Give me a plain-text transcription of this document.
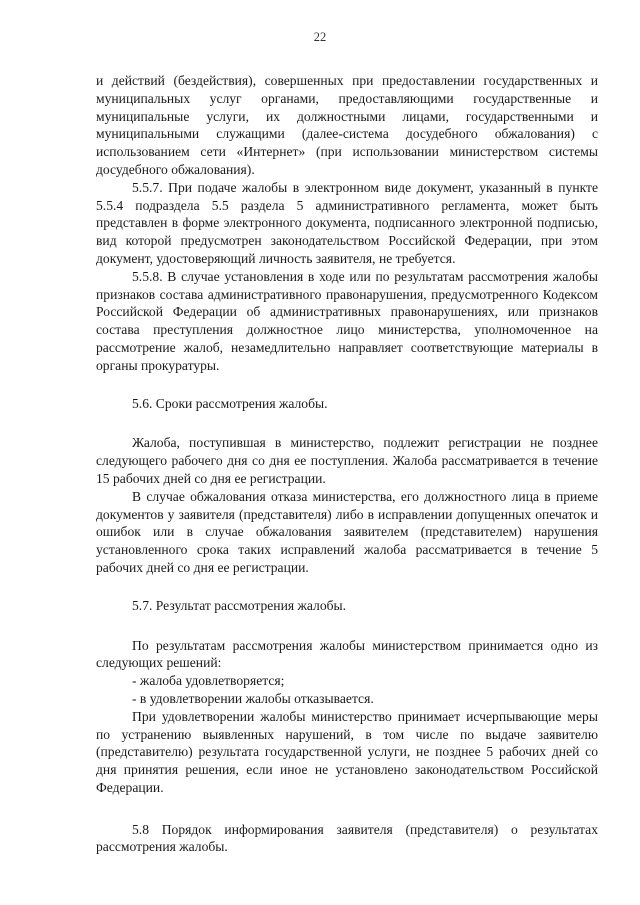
22

и действий (бездействия), совершенных при предоставлении государственных и муниципальных услуг органами, предоставляющими государственные и муниципальные услуги, их должностными лицами, государственными и муниципальными служащими (далее-система досудебного обжалования) с использованием сети «Интернет» (при использовании министерством системы досудебного обжалования).

5.5.7. При подаче жалобы в электронном виде документ, указанный в пункте 5.5.4 подраздела 5.5 раздела 5 административного регламента, может быть представлен в форме электронного документа, подписанного электронной подписью, вид которой предусмотрен законодательством Российской Федерации, при этом документ, удостоверяющий личность заявителя, не требуется.

5.5.8. В случае установления в ходе или по результатам рассмотрения жалобы признаков состава административного правонарушения, предусмотренного Кодексом Российской Федерации об административных правонарушениях, или признаков состава преступления должностное лицо министерства, уполномоченное на рассмотрение жалоб, незамедлительно направляет соответствующие материалы в органы прокуратуры.

5.6. Сроки рассмотрения жалобы.

Жалоба, поступившая в министерство, подлежит регистрации не позднее следующего рабочего дня со дня ее поступления. Жалоба рассматривается в течение 15 рабочих дней со дня ее регистрации.

В случае обжалования отказа министерства, его должностного лица в приеме документов у заявителя (представителя) либо в исправлении допущенных опечаток и ошибок или в случае обжалования заявителем (представителем) нарушения установленного срока таких исправлений жалоба рассматривается в течение 5 рабочих дней со дня ее регистрации.

5.7. Результат рассмотрения жалобы.

По результатам рассмотрения жалобы министерством принимается одно из следующих решений:

- жалоба удовлетворяется;

- в удовлетворении жалобы отказывается.

При удовлетворении жалобы министерство принимает исчерпывающие меры по устранению выявленных нарушений, в том числе по выдаче заявителю (представителю) результата государственной услуги, не позднее 5 рабочих дней со дня принятия решения, если иное не установлено законодательством Российской Федерации.

5.8 Порядок информирования заявителя (представителя) о результатах рассмотрения жалобы.
